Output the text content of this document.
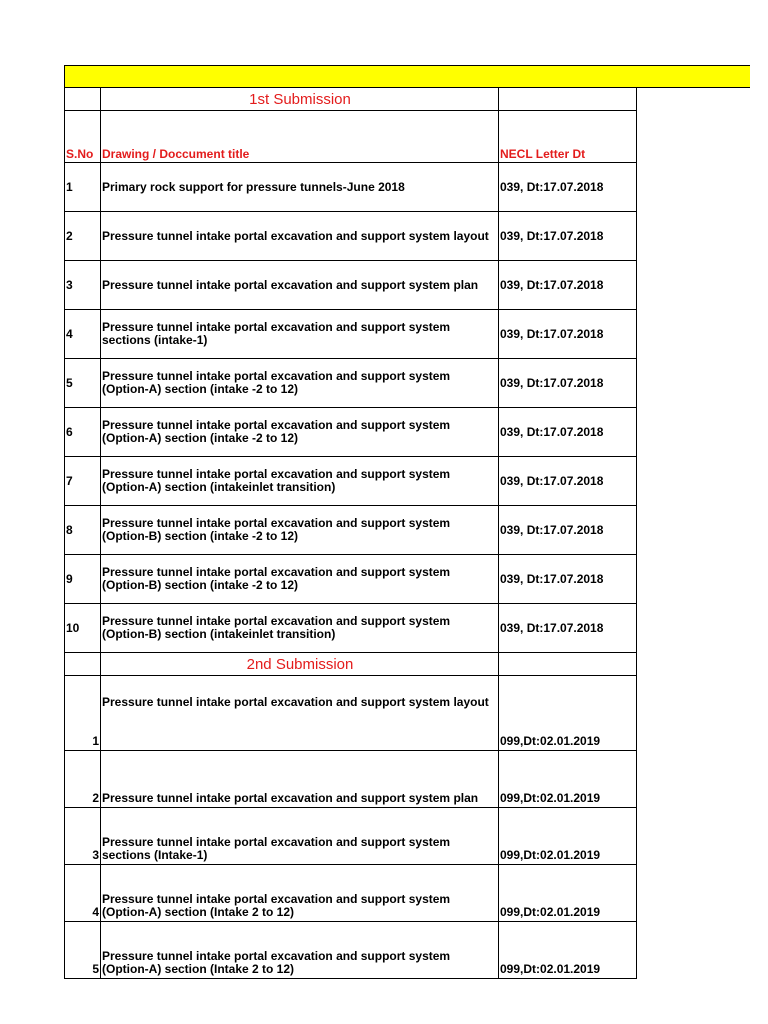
	1st Submission	
S.No	Drawing / Doccument title	NECL Letter Dt
1	Primary rock support for pressure tunnels-June 2018	039, Dt:17.07.2018
2	Pressure tunnel intake portal excavation and support system layout	039, Dt:17.07.2018
3	Pressure tunnel intake portal excavation and support system plan	039, Dt:17.07.2018
4	Pressure tunnel intake portal excavation and support system
sections (intake-1)	039, Dt:17.07.2018
5	Pressure tunnel intake portal excavation and support system
(Option-A) section (intake -2 to 12)	039, Dt:17.07.2018
6	Pressure tunnel intake portal excavation and support system
(Option-A) section (intake -2 to 12)	039, Dt:17.07.2018
7	Pressure tunnel intake portal excavation and support system
(Option-A) section (intakeinlet transition)	039, Dt:17.07.2018
8	Pressure tunnel intake portal excavation and support system
(Option-B) section (intake -2 to 12)	039, Dt:17.07.2018
9	Pressure tunnel intake portal excavation and support system
(Option-B) section (intake -2 to 12)	039, Dt:17.07.2018
10	Pressure tunnel intake portal excavation and support system
(Option-B) section (intakeinlet transition)	039, Dt:17.07.2018
	2nd Submission	
1	Pressure tunnel intake portal excavation and support system layout	099,Dt:02.01.2019
2	Pressure tunnel intake portal excavation and support system plan	099,Dt:02.01.2019
3	Pressure tunnel intake portal excavation and support system
sections (Intake-1)	099,Dt:02.01.2019
4	Pressure tunnel intake portal excavation and support system
(Option-A) section (Intake 2 to 12)	099,Dt:02.01.2019
5	Pressure tunnel intake portal excavation and support system
(Option-A) section (Intake 2 to 12)	099,Dt:02.01.2019
